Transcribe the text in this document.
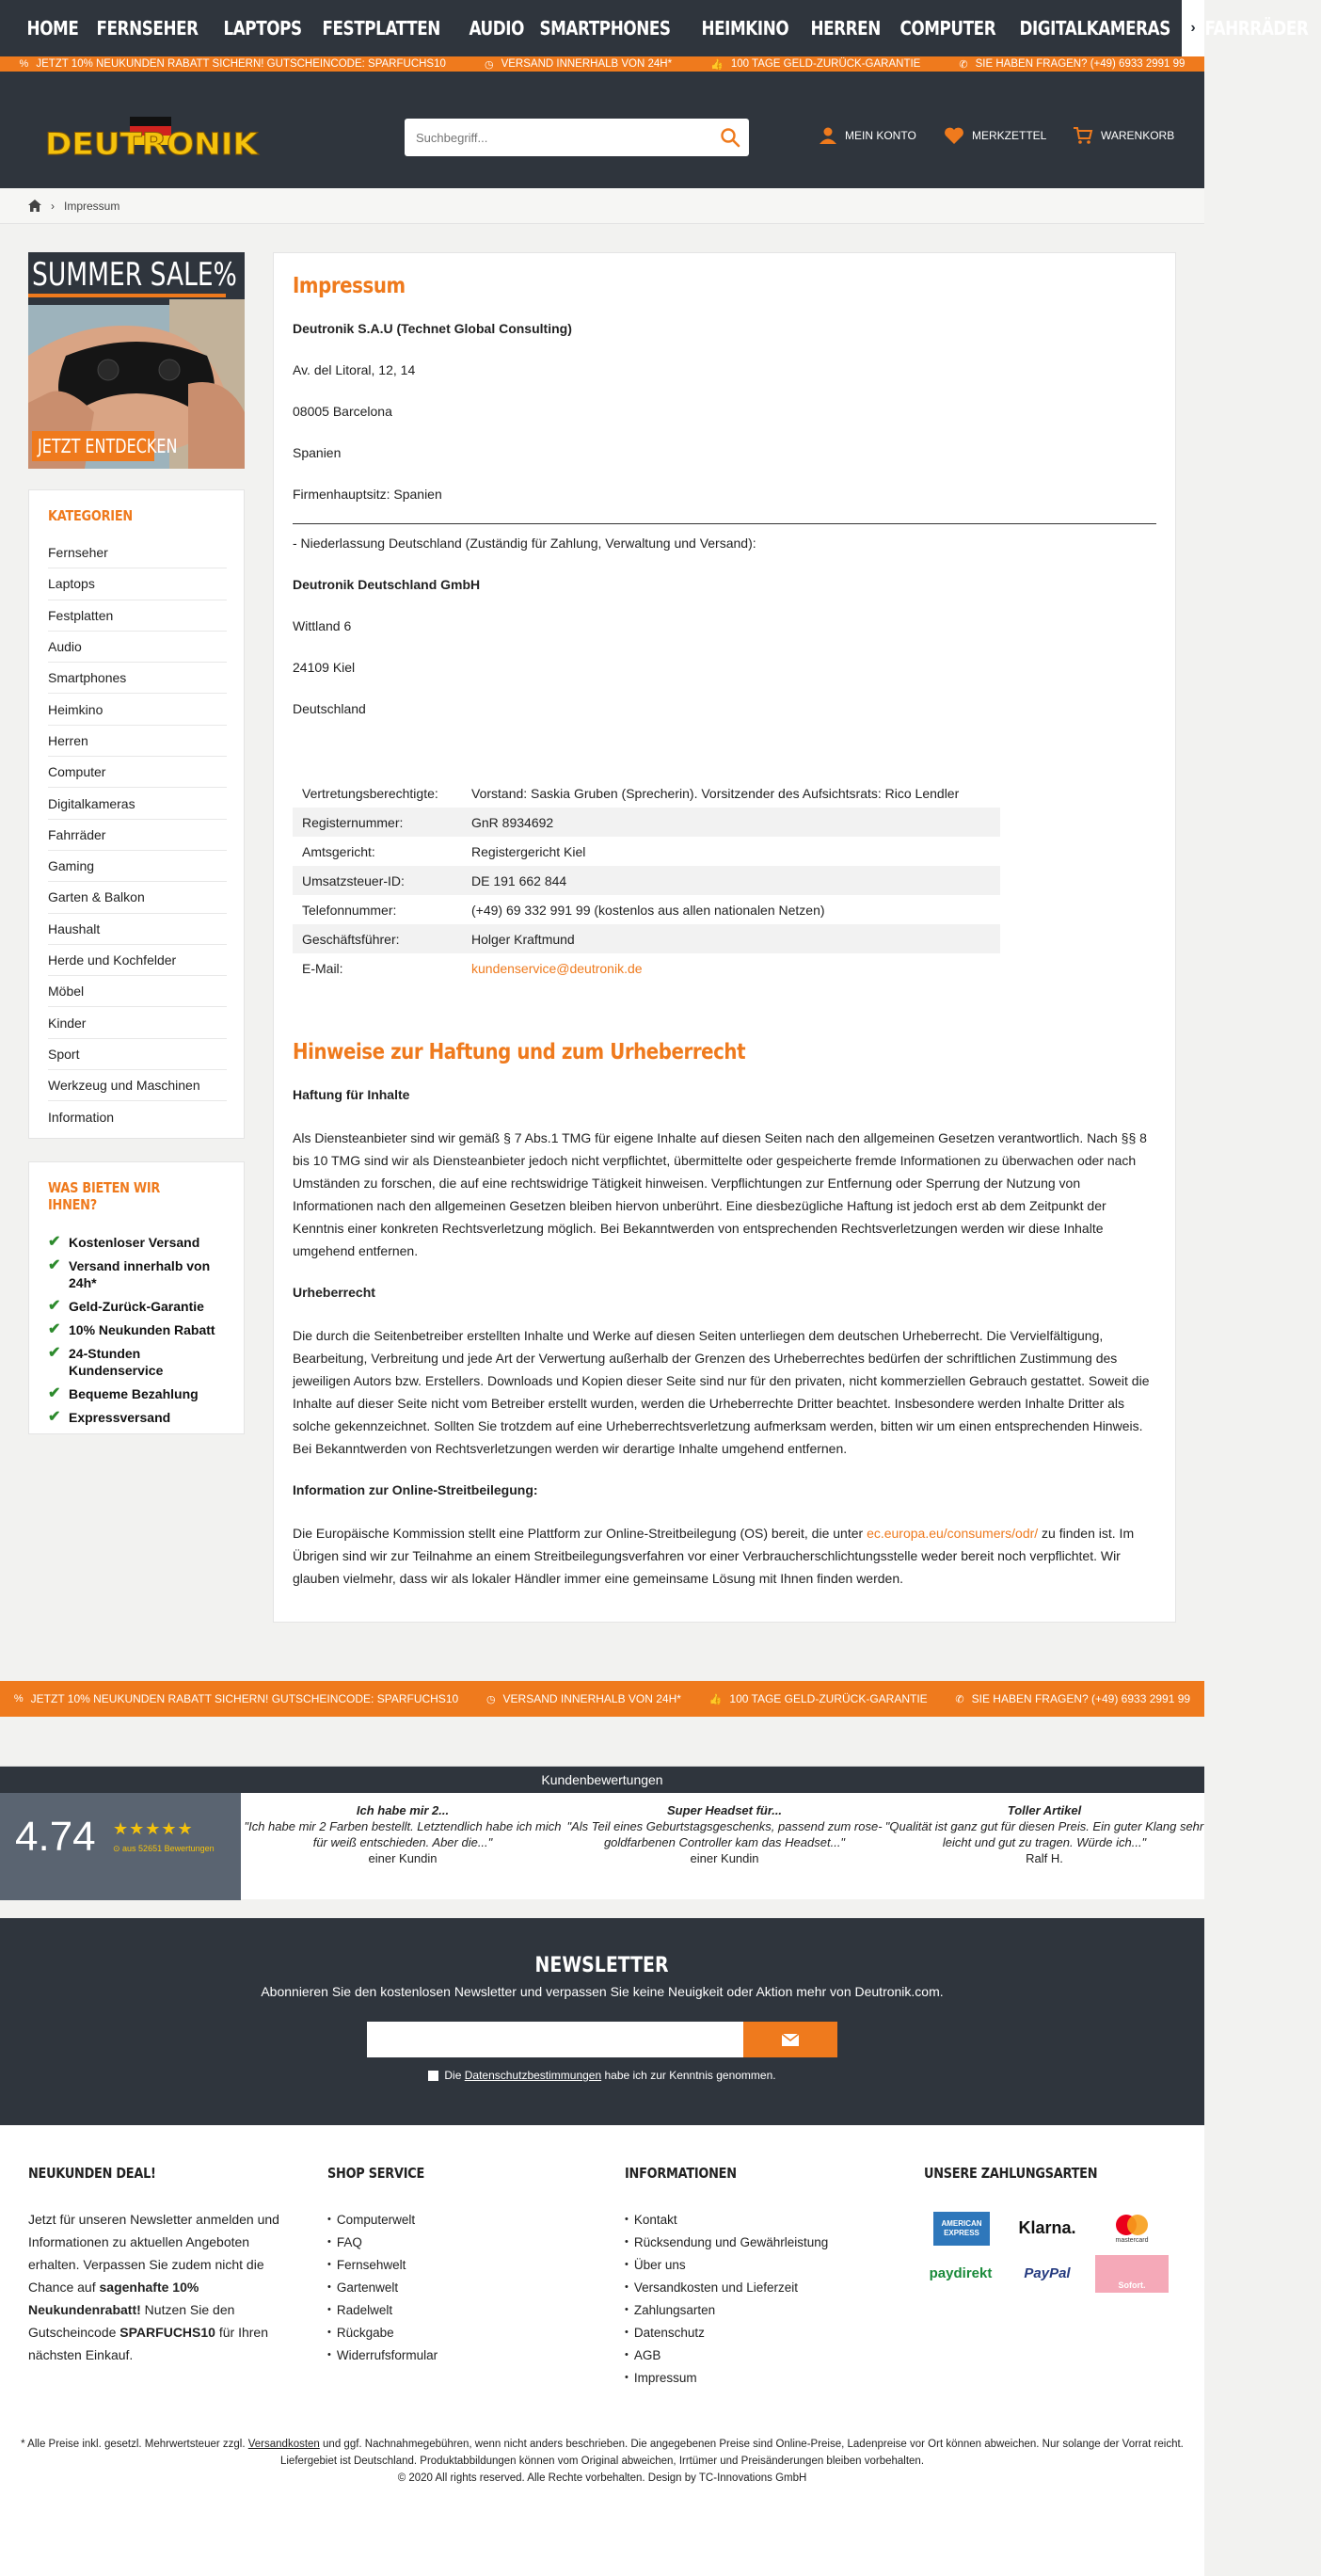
HOME FERNSEHER	LAPTOPS	FESTPLATTEN	AUDIO SMARTPHONES	HEIMKINO	HERREN	COMPUTER	DIGITALKAMERAS	FAHRRÄDER
›
% JETZT 10% NEUKUNDEN RABATT SICHERN! GUTSCHEINCODE: SPARFUCHS10	◷ VERSAND INNERHALB VON 24H*	👍 100 TAGE GELD-ZURÜCK-GARANTIE	✆ SIE HABEN FRAGEN? (+49) 6933 2991 99
DEUTRONIK
Suchbegriff...	MEIN KONTO	MERKZETTEL	WARENKORB
› Impressum
SUMMER SALE%
JETZT ENTDECKEN
KATEGORIEN
Fernseher
Laptops
Festplatten
Audio
Smartphones
Heimkino
Herren
Computer
Digitalkameras
Fahrräder
Gaming
Garten & Balkon
Haushalt
Herde und Kochfelder
Möbel
Kinder
Sport
Werkzeug und Maschinen
Information
WAS BIETEN WIR IHNEN?
✔ Kostenloser Versand
✔ Versand innerhalb von 24h*
✔ Geld-Zurück-Garantie
✔ 10% Neukunden Rabatt
✔ 24-Stunden Kundenservice
✔ Bequeme Bezahlung
✔ Expressversand
Impressum
Deutronik S.A.U (Technet Global Consulting)
Av. del Litoral, 12, 14
08005 Barcelona
Spanien
Firmenhauptsitz: Spanien
- Niederlassung Deutschland (Zuständig für Zahlung, Verwaltung und Versand):
Deutronik Deutschland GmbH
Wittland 6
24109 Kiel
Deutschland
Vertretungsberechtigte:	Vorstand: Saskia Gruben (Sprecherin). Vorsitzender des Aufsichtsrats: Rico Lendler
Registernummer:	GnR 8934692
Amtsgericht:	Registergericht Kiel
Umsatzsteuer-ID:	DE 191 662 844
Telefonnummer:	(+49) 69 332 991 99 (kostenlos aus allen nationalen Netzen)
Geschäftsführer:	Holger Kraftmund
E-Mail:	kundenservice@deutronik.de
Hinweise zur Haftung und zum Urheberrecht
Haftung für Inhalte
Als Diensteanbieter sind wir gemäß § 7 Abs.1 TMG für eigene Inhalte auf diesen Seiten nach den allgemeinen Gesetzen verantwortlich. Nach §§ 8 bis 10 TMG sind wir als Diensteanbieter jedoch nicht verpflichtet, übermittelte oder gespeicherte fremde Informationen zu überwachen oder nach Umständen zu forschen, die auf eine rechtswidrige Tätigkeit hinweisen. Verpflichtungen zur Entfernung oder Sperrung der Nutzung von Informationen nach den allgemeinen Gesetzen bleiben hiervon unberührt. Eine diesbezügliche Haftung ist jedoch erst ab dem Zeitpunkt der Kenntnis einer konkreten Rechtsverletzung möglich. Bei Bekanntwerden von entsprechenden Rechtsverletzungen werden wir diese Inhalte umgehend entfernen.
Urheberrecht
Die durch die Seitenbetreiber erstellten Inhalte und Werke auf diesen Seiten unterliegen dem deutschen Urheberrecht. Die Vervielfältigung, Bearbeitung, Verbreitung und jede Art der Verwertung außerhalb der Grenzen des Urheberrechtes bedürfen der schriftlichen Zustimmung des jeweiligen Autors bzw. Erstellers. Downloads und Kopien dieser Seite sind nur für den privaten, nicht kommerziellen Gebrauch gestattet. Soweit die Inhalte auf dieser Seite nicht vom Betreiber erstellt wurden, werden die Urheberrechte Dritter beachtet. Insbesondere werden Inhalte Dritter als solche gekennzeichnet. Sollten Sie trotzdem auf eine Urheberrechtsverletzung aufmerksam werden, bitten wir um einen entsprechenden Hinweis. Bei Bekanntwerden von Rechtsverletzungen werden wir derartige Inhalte umgehend entfernen.
Information zur Online-Streitbeilegung:
Die Europäische Kommission stellt eine Plattform zur Online-Streitbeilegung (OS) bereit, die unter ec.europa.eu/consumers/odr/ zu finden ist. Im Übrigen sind wir zur Teilnahme an einem Streitbeilegungsverfahren vor einer Verbraucherschlichtungsstelle weder bereit noch verpflichtet. Wir glauben vielmehr, dass wir als lokaler Händler immer eine gemeinsame Lösung mit Ihnen finden werden.
% JETZT 10% NEUKUNDEN RABATT SICHERN! GUTSCHEINCODE: SPARFUCHS10	◷ VERSAND INNERHALB VON 24H*	👍 100 TAGE GELD-ZURÜCK-GARANTIE	✆ SIE HABEN FRAGEN? (+49) 6933 2991 99
Kundenbewertungen
4.74 ★★★★★
⊙ aus 52651 Bewertungen
Ich habe mir 2...
"Ich habe mir 2 Farben bestellt. Letztendlich habe ich mich für weiß entschieden. Aber die..."
einer Kundin
Super Headset für...
"Als Teil eines Geburtstagsgeschenks, passend zum rose-goldfarbenen Controller kam das Headset..."
einer Kundin
Toller Artikel
"Qualität ist ganz gut für diesen Preis. Ein guter Klang sehr leicht und gut zu tragen. Würde ich..."
Ralf H.
NEWSLETTER
Abonnieren Sie den kostenlosen Newsletter und verpassen Sie keine Neuigkeit oder Aktion mehr von Deutronik.com.
Die Datenschutzbestimmungen habe ich zur Kenntnis genommen.
NEUKUNDEN DEAL!
Jetzt für unseren Newsletter anmelden und Informationen zu aktuellen Angeboten erhalten. Verpassen Sie zudem nicht die Chance auf sagenhafte 10% Neukundenrabatt! Nutzen Sie den Gutscheincode SPARFUCHS10 für Ihren nächsten Einkauf.
SHOP SERVICE
• Computerwelt
• FAQ
• Fernsehwelt
• Gartenwelt
• Radelwelt
• Rückgabe
• Widerrufsformular
INFORMATIONEN
• Kontakt
• Rücksendung und Gewährleistung
• Über uns
• Versandkosten und Lieferzeit
• Zahlungsarten
• Datenschutz
• AGB
• Impressum
UNSERE ZAHLUNGSARTEN
AMERICAN EXPRESS	Klarna.
mastercard
paydirekt	PayPal
Sofort.
* Alle Preise inkl. gesetzl. Mehrwertsteuer zzgl. Versandkosten und ggf. Nachnahmegebühren, wenn nicht anders beschrieben. Die angegebenen Preise sind Online-Preise, Ladenpreise vor Ort können abweichen. Nur solange der Vorrat reicht. Liefergebiet ist Deutschland. Produktabbildungen können vom Original abweichen, Irrtümer und Preisänderungen bleiben vorbehalten.
© 2020 All rights reserved. Alle Rechte vorbehalten. Design by TC-Innovations GmbH
